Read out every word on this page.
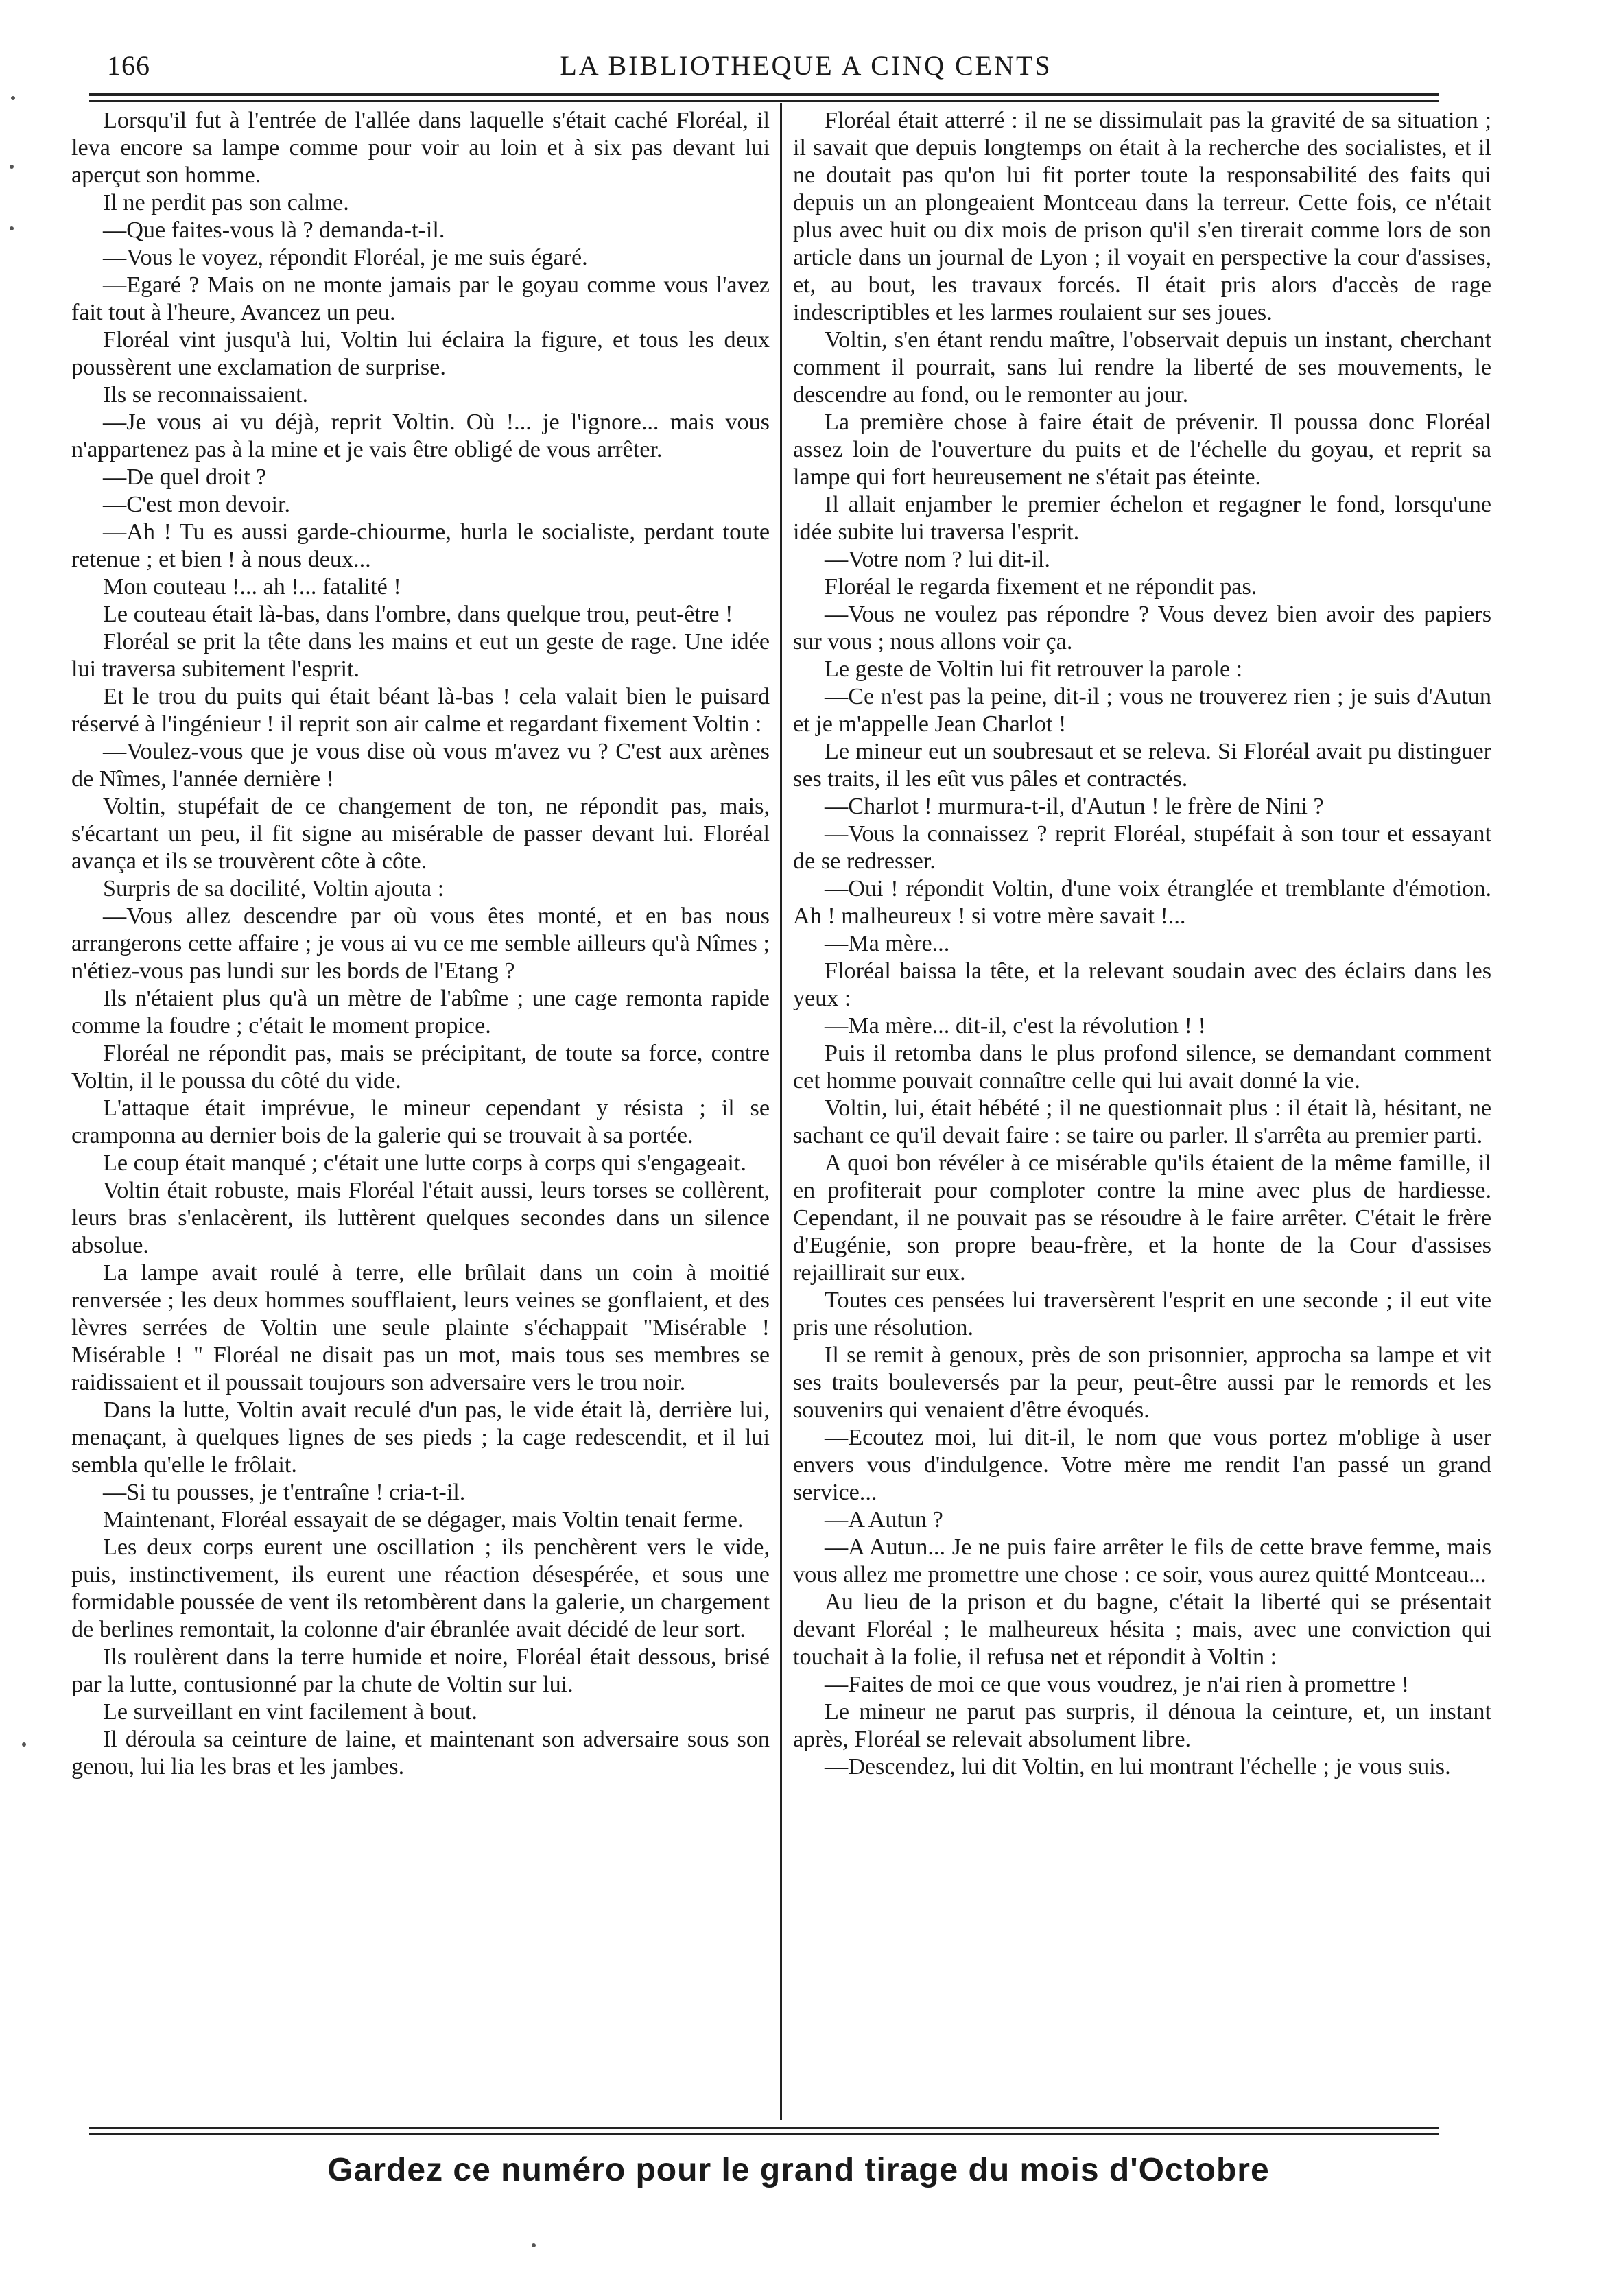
166	LA BIBLIOTHEQUE A CINQ CENTS

Lorsqu'il fut à l'entrée de l'allée dans laquelle s'était caché Floréal, il leva encore sa lampe comme pour voir au loin et à six pas devant lui aperçut son homme.

Il ne perdit pas son calme.

—Que faites-vous là ? demanda-t-il.

—Vous le voyez, répondit Floréal, je me suis égaré.

—Egaré ? Mais on ne monte jamais par le goyau comme vous l'avez fait tout à l'heure, Avancez un peu.

Floréal vint jusqu'à lui, Voltin lui éclaira la figure, et tous les deux poussèrent une exclamation de surprise.

Ils se reconnaissaient.

—Je vous ai vu déjà, reprit Voltin. Où !... je l'ignore... mais vous n'appartenez pas à la mine et je vais être obligé de vous arrêter.

—De quel droit ?

—C'est mon devoir.

—Ah ! Tu es aussi garde-chiourme, hurla le socialiste, perdant toute retenue ; et bien ! à nous deux...

Mon couteau !... ah !... fatalité !

Le couteau était là-bas, dans l'ombre, dans quelque trou, peut-être !

Floréal se prit la tête dans les mains et eut un geste de rage. Une idée lui traversa subitement l'esprit.

Et le trou du puits qui était béant là-bas ! cela valait bien le puisard réservé à l'ingénieur ! il reprit son air calme et regardant fixement Voltin :

—Voulez-vous que je vous dise où vous m'avez vu ? C'est aux arènes de Nîmes, l'année dernière !

Voltin, stupéfait de ce changement de ton, ne répondit pas, mais, s'écartant un peu, il fit signe au misérable de passer devant lui. Floréal avança et ils se trouvèrent côte à côte.

Surpris de sa docilité, Voltin ajouta :

—Vous allez descendre par où vous êtes monté, et en bas nous arrangerons cette affaire ; je vous ai vu ce me semble ailleurs qu'à Nîmes ; n'étiez-vous pas lundi sur les bords de l'Etang ?

Ils n'étaient plus qu'à un mètre de l'abîme ; une cage remonta rapide comme la foudre ; c'était le moment propice.

Floréal ne répondit pas, mais se précipitant, de toute sa force, contre Voltin, il le poussa du côté du vide.

L'attaque était imprévue, le mineur cependant y résista ; il se cramponna au dernier bois de la galerie qui se trouvait à sa portée.

Le coup était manqué ; c'était une lutte corps à corps qui s'engageait.

Voltin était robuste, mais Floréal l'était aussi, leurs torses se collèrent, leurs bras s'enlacèrent, ils luttèrent quelques secondes dans un silence absolue.

La lampe avait roulé à terre, elle brûlait dans un coin à moitié renversée ; les deux hommes soufflaient, leurs veines se gonflaient, et des lèvres serrées de Voltin une seule plainte s'échappait "Misérable ! Misérable ! " Floréal ne disait pas un mot, mais tous ses membres se raidissaient et il poussait toujours son adversaire vers le trou noir.

Dans la lutte, Voltin avait reculé d'un pas, le vide était là, derrière lui, menaçant, à quelques lignes de ses pieds ; la cage redescendit, et il lui sembla qu'elle le frôlait.

—Si tu pousses, je t'entraîne ! cria-t-il.

Maintenant, Floréal essayait de se dégager, mais Voltin tenait ferme.

Les deux corps eurent une oscillation ; ils penchèrent vers le vide, puis, instinctivement, ils eurent une réaction désespérée, et sous une formidable poussée de vent ils retombèrent dans la galerie, un chargement de berlines remontait, la colonne d'air ébranlée avait décidé de leur sort.

Ils roulèrent dans la terre humide et noire, Floréal était dessous, brisé par la lutte, contusionné par la chute de Voltin sur lui.

Le surveillant en vint facilement à bout.

Il déroula sa ceinture de laine, et maintenant son adversaire sous son genou, lui lia les bras et les jambes.

Floréal était atterré : il ne se dissimulait pas la gravité de sa situation ; il savait que depuis longtemps on était à la recherche des socialistes, et il ne doutait pas qu'on lui fit porter toute la responsabilité des faits qui depuis un an plongeaient Montceau dans la terreur. Cette fois, ce n'était plus avec huit ou dix mois de prison qu'il s'en tirerait comme lors de son article dans un journal de Lyon ; il voyait en perspective la cour d'assises, et, au bout, les travaux forcés. Il était pris alors d'accès de rage indescriptibles et les larmes roulaient sur ses joues.

Voltin, s'en étant rendu maître, l'observait depuis un instant, cherchant comment il pourrait, sans lui rendre la liberté de ses mouvements, le descendre au fond, ou le remonter au jour.

La première chose à faire était de prévenir. Il poussa donc Floréal assez loin de l'ouverture du puits et de l'échelle du goyau, et reprit sa lampe qui fort heureusement ne s'était pas éteinte.

Il allait enjamber le premier échelon et regagner le fond, lorsqu'une idée subite lui traversa l'esprit.

—Votre nom ? lui dit-il.

Floréal le regarda fixement et ne répondit pas.

—Vous ne voulez pas répondre ? Vous devez bien avoir des papiers sur vous ; nous allons voir ça.

Le geste de Voltin lui fit retrouver la parole :

—Ce n'est pas la peine, dit-il ; vous ne trouverez rien ; je suis d'Autun et je m'appelle Jean Charlot !

Le mineur eut un soubresaut et se releva. Si Floréal avait pu distinguer ses traits, il les eût vus pâles et contractés.

—Charlot ! murmura-t-il, d'Autun ! le frère de Nini ?

—Vous la connaissez ? reprit Floréal, stupéfait à son tour et essayant de se redresser.

—Oui ! répondit Voltin, d'une voix étranglée et tremblante d'émotion. Ah ! malheureux ! si votre mère savait !...

—Ma mère...

Floréal baissa la tête, et la relevant soudain avec des éclairs dans les yeux :

—Ma mère... dit-il, c'est la révolution ! !

Puis il retomba dans le plus profond silence, se demandant comment cet homme pouvait connaître celle qui lui avait donné la vie.

Voltin, lui, était hébété ; il ne questionnait plus : il était là, hésitant, ne sachant ce qu'il devait faire : se taire ou parler. Il s'arrêta au premier parti.

A quoi bon révéler à ce misérable qu'ils étaient de la même famille, il en profiterait pour comploter contre la mine avec plus de hardiesse. Cependant, il ne pouvait pas se résoudre à le faire arrêter. C'était le frère d'Eugénie, son propre beau-frère, et la honte de la Cour d'assises rejaillirait sur eux.

Toutes ces pensées lui traversèrent l'esprit en une seconde ; il eut vite pris une résolution.

Il se remit à genoux, près de son prisonnier, approcha sa lampe et vit ses traits bouleversés par la peur, peut-être aussi par le remords et les souvenirs qui venaient d'être évoqués.

—Ecoutez moi, lui dit-il, le nom que vous portez m'oblige à user envers vous d'indulgence. Votre mère me rendit l'an passé un grand service...

—A Autun ?

—A Autun... Je ne puis faire arrêter le fils de cette brave femme, mais vous allez me promettre une chose : ce soir, vous aurez quitté Montceau...

Au lieu de la prison et du bagne, c'était la liberté qui se présentait devant Floréal ; le malheureux hésita ; mais, avec une conviction qui touchait à la folie, il refusa net et répondit à Voltin :

—Faites de moi ce que vous voudrez, je n'ai rien à promettre !

Le mineur ne parut pas surpris, il dénoua la ceinture, et, un instant après, Floréal se relevait absolument libre.

—Descendez, lui dit Voltin, en lui montrant l'échelle ; je vous suis.

Gardez ce numéro pour le grand tirage du mois d'Octobre
